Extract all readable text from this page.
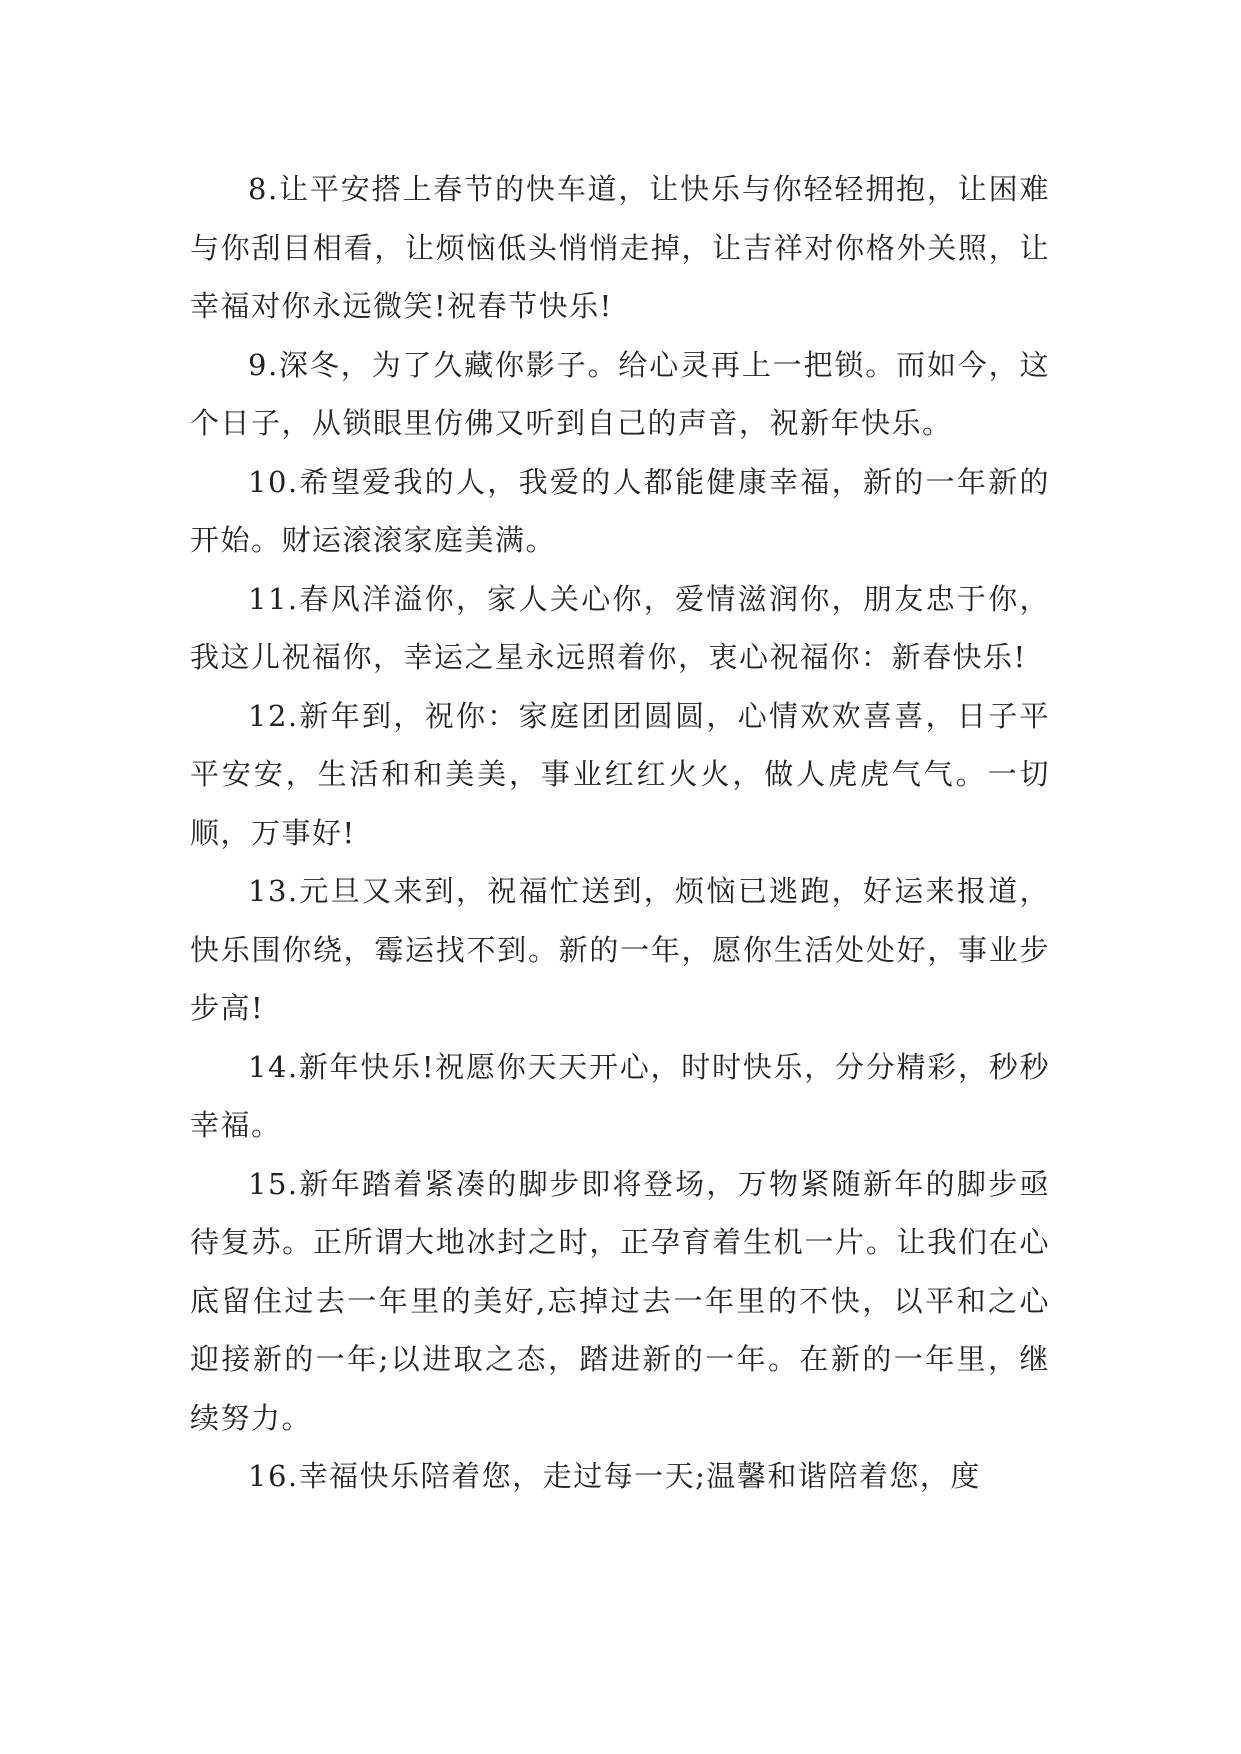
8.让平安搭上春节的快车道，让快乐与你轻轻拥抱，让困难与你刮目相看，让烦恼低头悄悄走掉，让吉祥对你格外关照，让幸福对你永远微笑!祝春节快乐!

9.深冬，为了久藏你影子。给心灵再上一把锁。而如今，这个日子，从锁眼里仿佛又听到自己的声音，祝新年快乐。

10.希望爱我的人，我爱的人都能健康幸福，新的一年新的开始。财运滚滚家庭美满。

11.春风洋溢你，家人关心你，爱情滋润你，朋友忠于你，我这儿祝福你，幸运之星永远照着你，衷心祝福你：新春快乐!

12.新年到，祝你：家庭团团圆圆，心情欢欢喜喜，日子平平安安，生活和和美美，事业红红火火，做人虎虎气气。一切顺，万事好!

13.元旦又来到，祝福忙送到，烦恼已逃跑，好运来报道，快乐围你绕，霉运找不到。新的一年，愿你生活处处好，事业步步高!

14.新年快乐!祝愿你天天开心，时时快乐，分分精彩，秒秒幸福。

15.新年踏着紧凑的脚步即将登场，万物紧随新年的脚步亟待复苏。正所谓大地冰封之时，正孕育着生机一片。让我们在心底留住过去一年里的美好,忘掉过去一年里的不快，以平和之心迎接新的一年;以进取之态，踏进新的一年。在新的一年里，继续努力。

16.幸福快乐陪着您，走过每一天;温馨和谐陪着您，度
